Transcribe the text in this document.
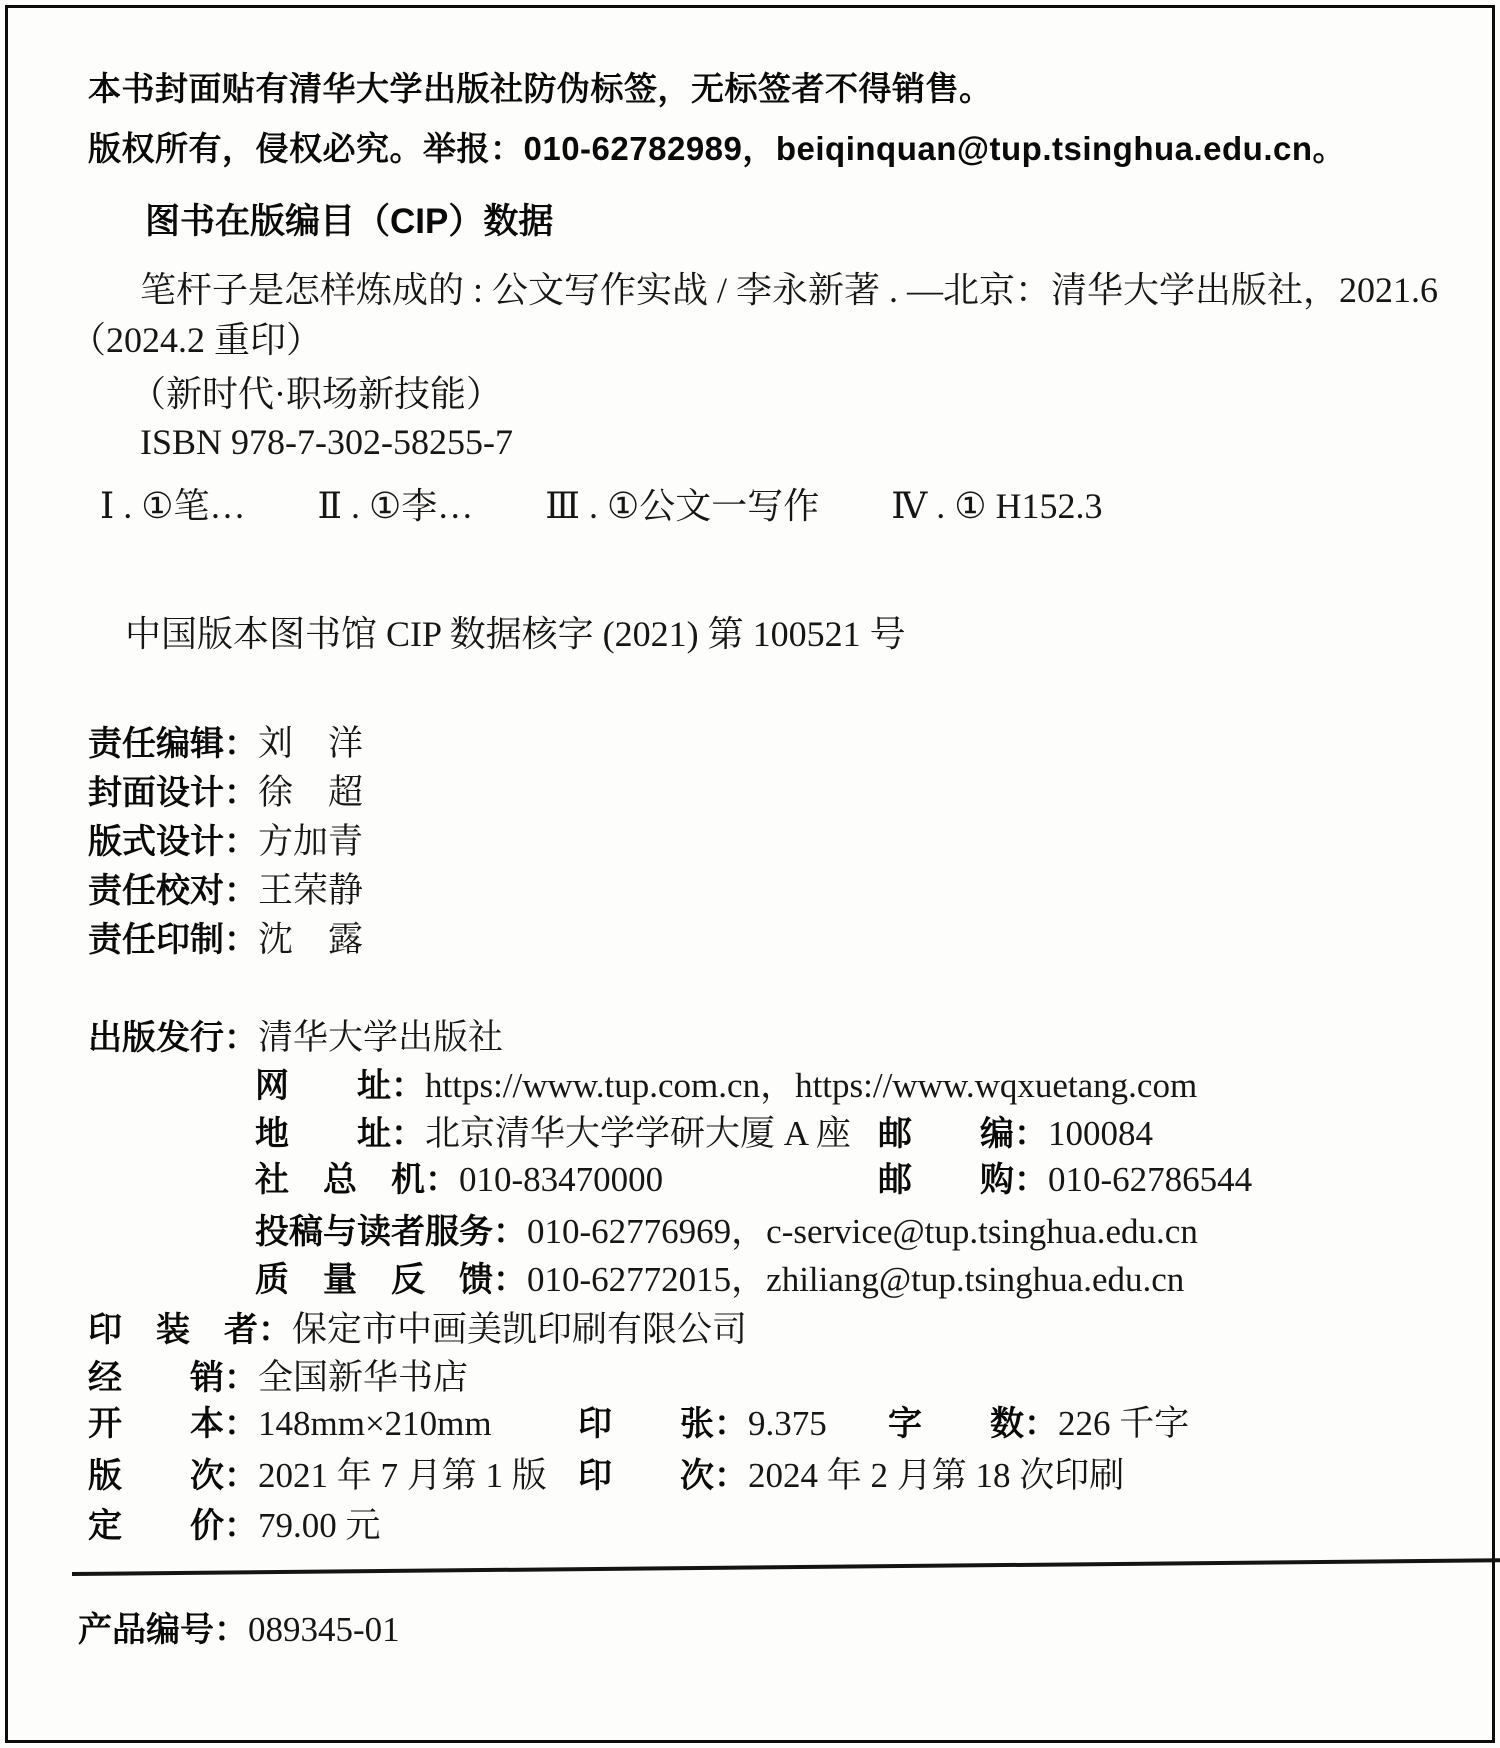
本书封面贴有清华大学出版社防伪标签，无标签者不得销售。
版权所有，侵权必究。举报：010-62782989，beiqinquan@tup.tsinghua.edu.cn。
图书在版编目（CIP）数据
笔杆子是怎样炼成的 : 公文写作实战 / 李永新著 . —北京：清华大学出版社，2021.6
（2024.2 重印）
（新时代·职场新技能）
ISBN 978-7-302-58255-7
Ⅰ . ①笔…　　Ⅱ . ①李…　　Ⅲ . ①公文一写作　　Ⅳ . ① H152.3
中国版本图书馆 CIP 数据核字 (2021) 第 100521 号
责任编辑：刘　洋
封面设计：徐　超
版式设计：方加青
责任校对：王荣静
责任印制：沈　露
出版发行：清华大学出版社
网　　址：https://www.tup.com.cn，https://www.wqxuetang.com
地　　址：北京清华大学学研大厦 A 座 邮　　编：100084
社　总　机：010-83470000	邮　　购：010-62786544
投稿与读者服务：010-62776969，c-service@tup.tsinghua.edu.cn
质　量　反　馈：010-62772015，zhiliang@tup.tsinghua.edu.cn
印　装　者：保定市中画美凯印刷有限公司
经　　销：全国新华书店
开　　本：148mm×210mm	印　　张：9.375 字　　数：226 千字
版　　次：2021 年 7 月第 1 版 印　　次：2024 年 2 月第 18 次印刷
定　　价：79.00 元
产品编号：089345-01
